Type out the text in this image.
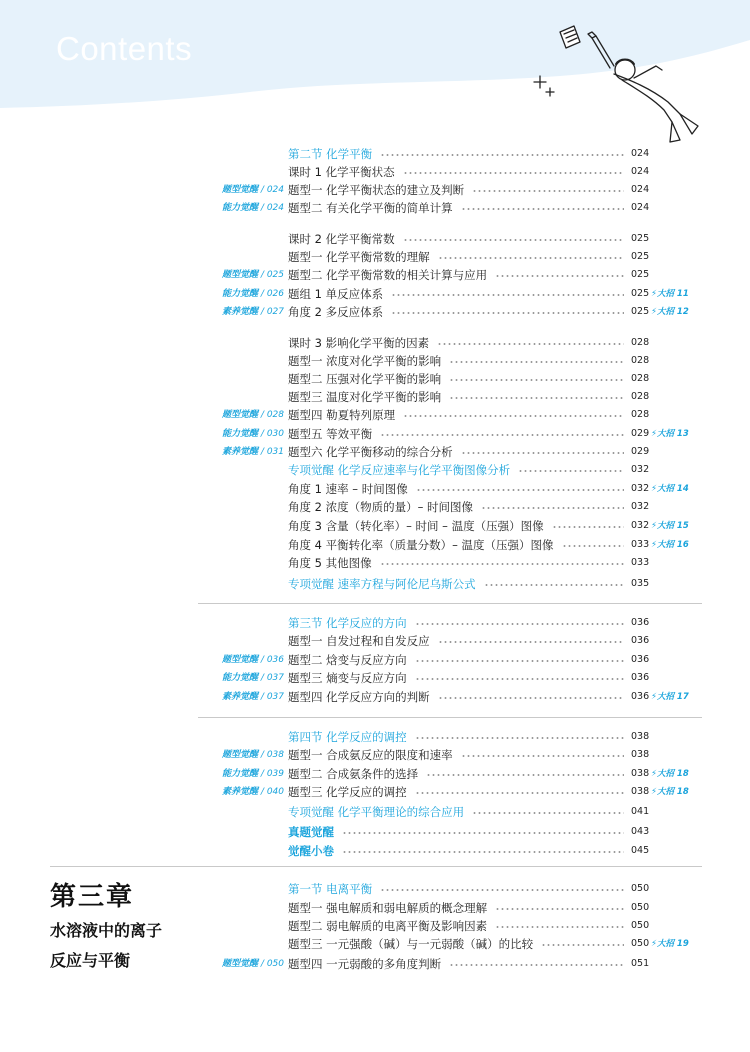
Contents
第三章
水溶液中的离子
反应与平衡
第二节 化学平衡	024
课时 1 化学平衡状态	024
题型觉醒 / 024 题型一 化学平衡状态的建立及判断	024
能力觉醒 / 024 题型二 有关化学平衡的简单计算	024
课时 2 化学平衡常数	025
题型一 化学平衡常数的理解	025
题型觉醒 / 025 题型二 化学平衡常数的相关计算与应用	025
能力觉醒 / 026 题组 1 单反应体系	025 ⚡大招 11
素养觉醒 / 027 角度 2 多反应体系	025 ⚡大招 12
课时 3 影响化学平衡的因素	028
题型一 浓度对化学平衡的影响	028
题型二 压强对化学平衡的影响	028
题型三 温度对化学平衡的影响	028
题型觉醒 / 028 题型四 勒夏特列原理	028
能力觉醒 / 030 题型五 等效平衡	029 ⚡大招 13
素养觉醒 / 031 题型六 化学平衡移动的综合分析	029
专项觉醒 化学反应速率与化学平衡图像分析	032
角度 1 速率 – 时间图像	032 ⚡大招 14
角度 2 浓度（物质的量）– 时间图像	032
角度 3 含量（转化率）– 时间 – 温度（压强）图像	032 ⚡大招 15
角度 4 平衡转化率（质量分数）– 温度（压强）图像	033 ⚡大招 16
角度 5 其他图像	033
专项觉醒 速率方程与阿伦尼乌斯公式	035
第三节 化学反应的方向	036
题型一 自发过程和自发反应	036
题型觉醒 / 036 题型二 焓变与反应方向	036
能力觉醒 / 037 题型三 熵变与反应方向	036
素养觉醒 / 037 题型四 化学反应方向的判断	036 ⚡大招 17
第四节 化学反应的调控	038
题型觉醒 / 038 题型一 合成氨反应的限度和速率	038
能力觉醒 / 039 题型二 合成氨条件的选择	038 ⚡大招 18
素养觉醒 / 040 题型三 化学反应的调控	038 ⚡大招 18
专项觉醒 化学平衡理论的综合应用	041
真题觉醒	043
觉醒小卷	045
第一节 电离平衡	050
题型一 强电解质和弱电解质的概念理解	050
题型二 弱电解质的电离平衡及影响因素	050
题型三 一元强酸（碱）与一元弱酸（碱）的比较	050 ⚡大招 19
题型觉醒 / 050 题型四 一元弱酸的多角度判断	051
